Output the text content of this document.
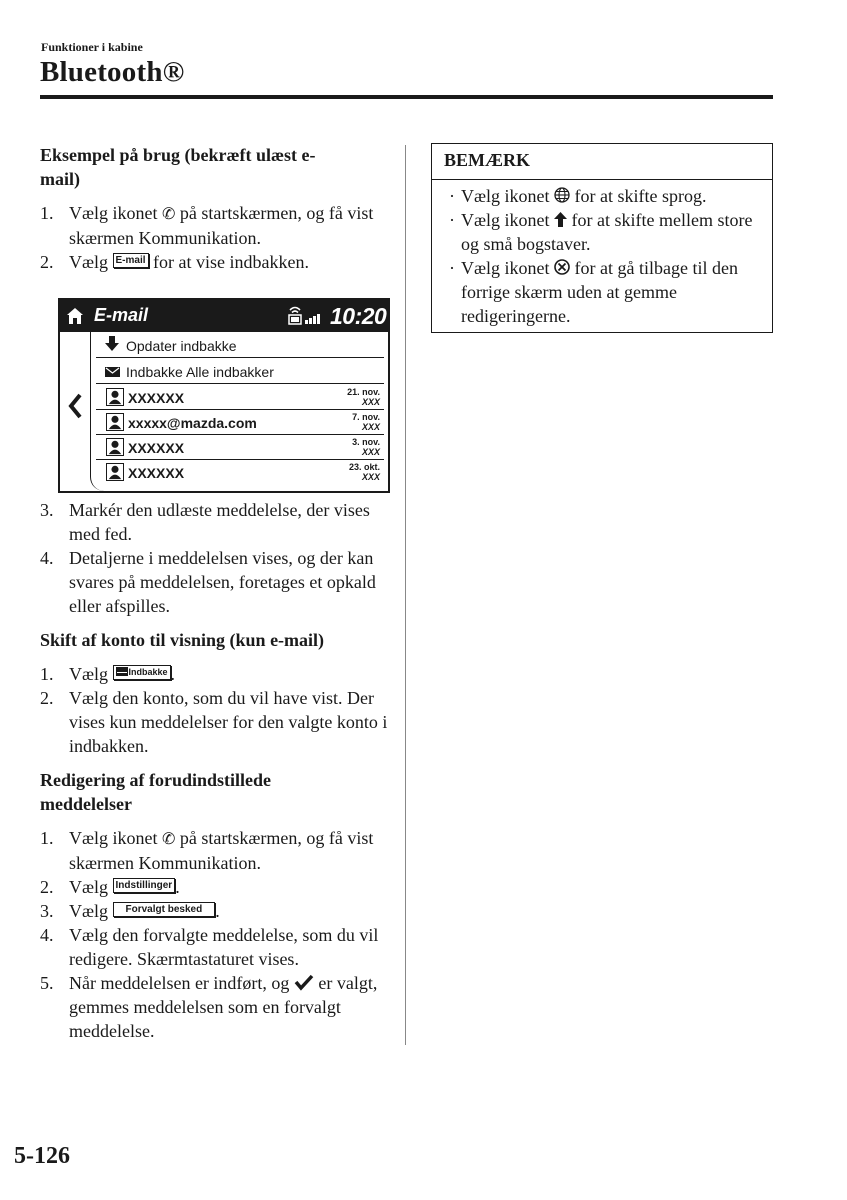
Funktioner i kabine
Bluetooth®
Eksempel på brug (bekræft ulæst e-mail)
1. Vælg ikonet ✆ på startskærmen, og få vist skærmen Kommunikation.
2. Vælg E-mail for at vise indbakken.
E-mail	10:20
Opdater indbakke
Indbakke Alle indbakker
XXXXXX	21. nov.
XXX
xxxxx@mazda.com	7. nov.
XXX
XXXXXX	3. nov.
XXX
XXXXXX	23. okt.
XXX
3. Markér den udlæste meddelelse, der vises med fed.
4. Detaljerne i meddelelsen vises, og der kan svares på meddelelsen, foretages et opkald eller afspilles.
Skift af konto til visning (kun e-mail)
1. Vælg Indbakke .
2. Vælg den konto, som du vil have vist. Der vises kun meddelelser for den valgte konto i indbakken.
Redigering af forudindstillede meddelelser
1. Vælg ikonet ✆ på startskærmen, og få vist skærmen Kommunikation.
2. Vælg Indstillinger .
3. Vælg Forvalgt besked .
4. Vælg den forvalgte meddelelse, som du vil redigere. Skærmtastaturet vises.
5. Når meddelelsen er indført, og er valgt, gemmes meddelelsen som en forvalgt meddelelse.
BEMÆRK
· Vælg ikonet for at skifte sprog.
· Vælg ikonet for at skifte mellem store og små bogstaver.
· Vælg ikonet for at gå tilbage til den forrige skærm uden at gemme redigeringerne.
5-126
